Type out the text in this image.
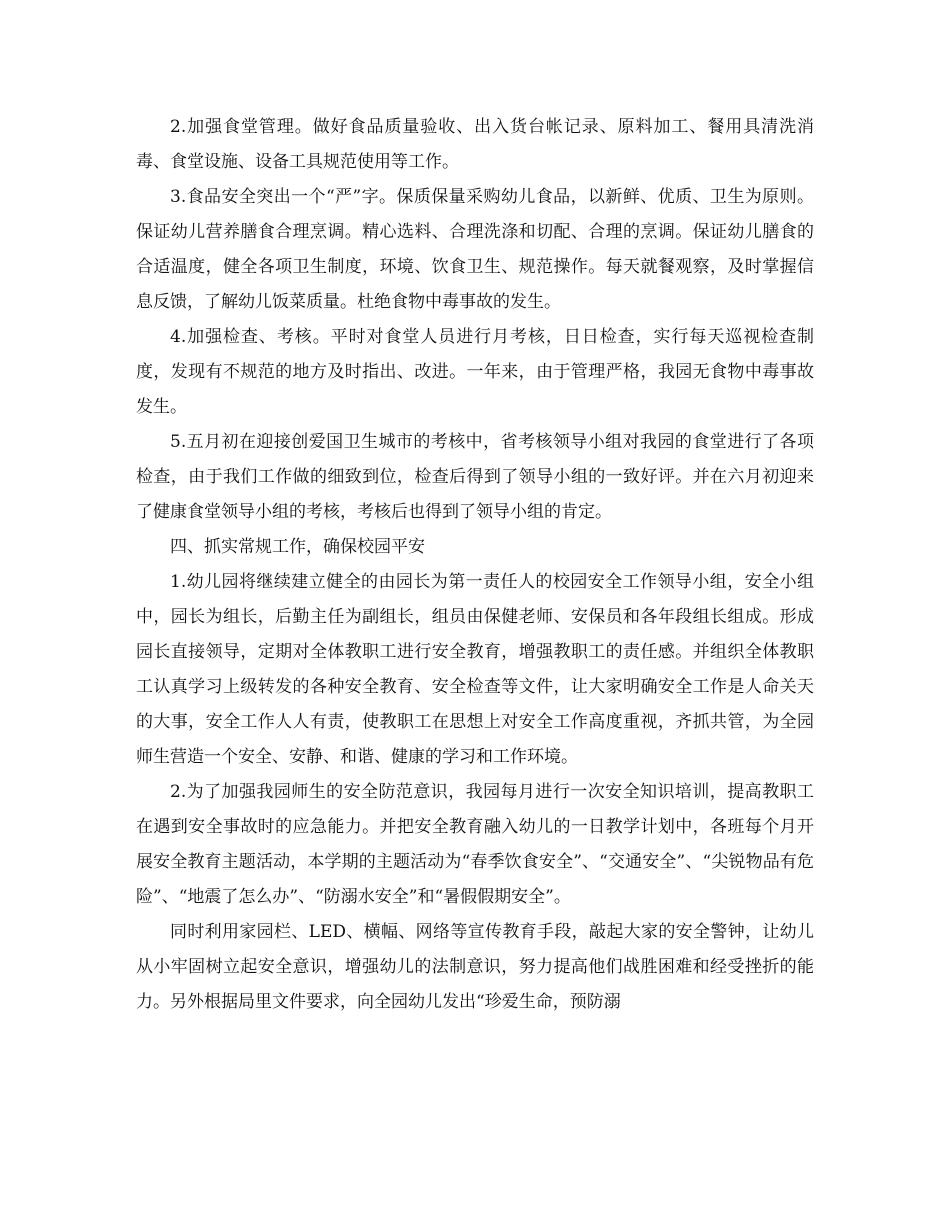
2.加强食堂管理。做好食品质量验收、出入货台帐记录、原料加工、餐用具清洗消毒、食堂设施、设备工具规范使用等工作。

3.食品安全突出一个“严”字。保质保量采购幼儿食品，以新鲜、优质、卫生为原则。保证幼儿营养膳食合理烹调。精心选料、合理洗涤和切配、合理的烹调。保证幼儿膳食的合适温度，健全各项卫生制度，环境、饮食卫生、规范操作。每天就餐观察，及时掌握信息反馈，了解幼儿饭菜质量。杜绝食物中毒事故的发生。

4.加强检查、考核。平时对食堂人员进行月考核，日日检查，实行每天巡视检查制度，发现有不规范的地方及时指出、改进。一年来，由于管理严格，我园无食物中毒事故发生。

5.五月初在迎接创爱国卫生城市的考核中，省考核领导小组对我园的食堂进行了各项检查，由于我们工作做的细致到位，检查后得到了领导小组的一致好评。并在六月初迎来了健康食堂领导小组的考核，考核后也得到了领导小组的肯定。

四、抓实常规工作，确保校园平安

1.幼儿园将继续建立健全的由园长为第一责任人的校园安全工作领导小组，安全小组中，园长为组长，后勤主任为副组长，组员由保健老师、安保员和各年段组长组成。形成园长直接领导，定期对全体教职工进行安全教育，增强教职工的责任感。并组织全体教职工认真学习上级转发的各种安全教育、安全检查等文件，让大家明确安全工作是人命关天的大事，安全工作人人有责，使教职工在思想上对安全工作高度重视，齐抓共管，为全园师生营造一个安全、安静、和谐、健康的学习和工作环境。

2.为了加强我园师生的安全防范意识，我园每月进行一次安全知识培训，提高教职工在遇到安全事故时的应急能力。并把安全教育融入幼儿的一日教学计划中，各班每个月开展安全教育主题活动，本学期的主题活动为“春季饮食安全”、“交通安全”、“尖锐物品有危险”、“地震了怎么办”、“防溺水安全”和“暑假假期安全”。

同时利用家园栏、LED、横幅、网络等宣传教育手段，敲起大家的安全警钟，让幼儿从小牢固树立起安全意识，增强幼儿的法制意识，努力提高他们战胜困难和经受挫折的能力。另外根据局里文件要求，向全园幼儿发出“珍爱生命，预防溺
